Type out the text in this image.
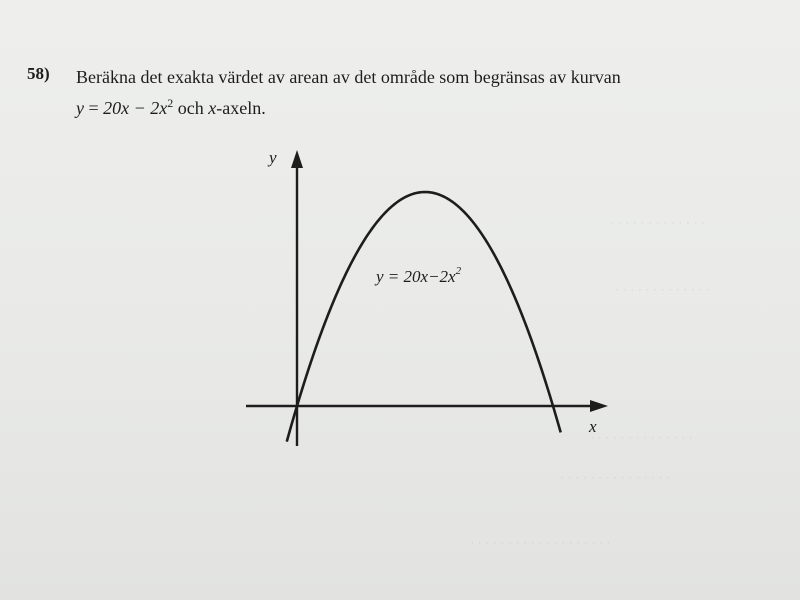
· · · · · · · · · · · · ·
· · · · · · · · · · · · ·
· · · · · · · · · · · · · ·
· · · · · · · · · · · · · · ·
· · · · · · · · · · · · · · · · · · ·
58) Beräkna det exakta värdet av arean av det område som begränsas av kurvan
$y = 20x - 2x^2$ och x-axeln.
y
x
$y = 20x-2x^2$
